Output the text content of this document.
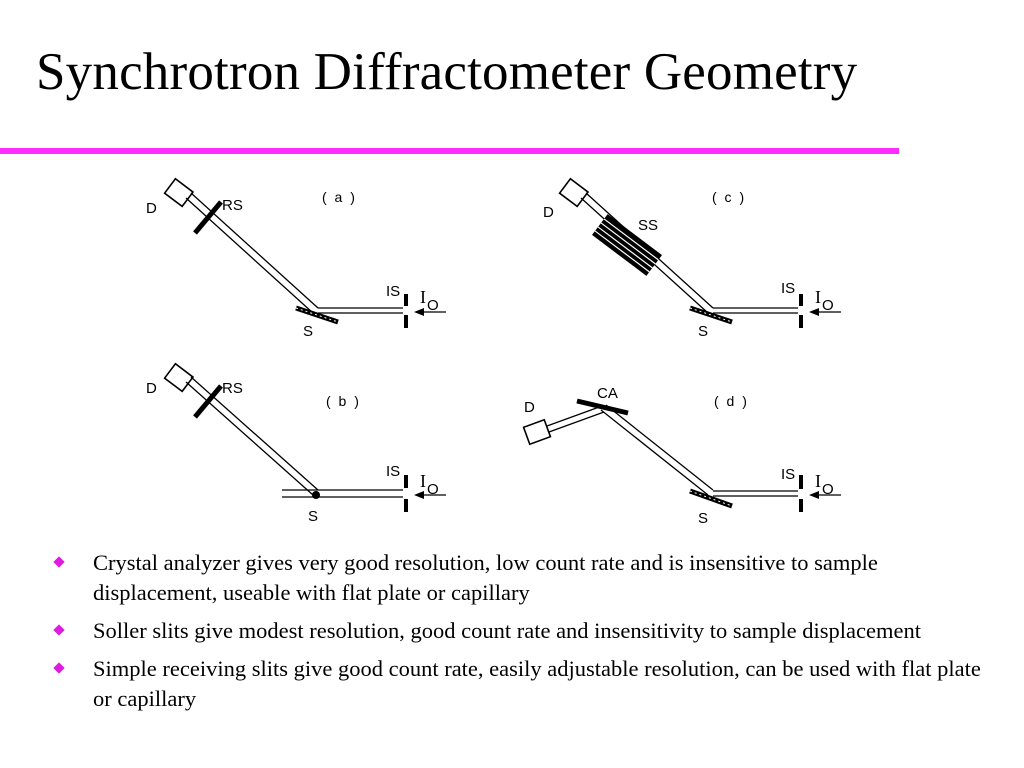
Synchrotron Diffractometer Geometry
( a )
D	RS
S
IS I O
( b )
D	RS
S
IS I O
( c )
D
SS
S
IS I O
( d )
D
CA
S
IS I O
Crystal analyzer gives very good resolution, low count rate and is insensitive to sample displacement, useable with flat plate or capillary
Soller slits give modest resolution, good count rate and insensitivity to sample displacement
Simple receiving slits give good count rate, easily adjustable resolution, can be used with flat plate or capillary
